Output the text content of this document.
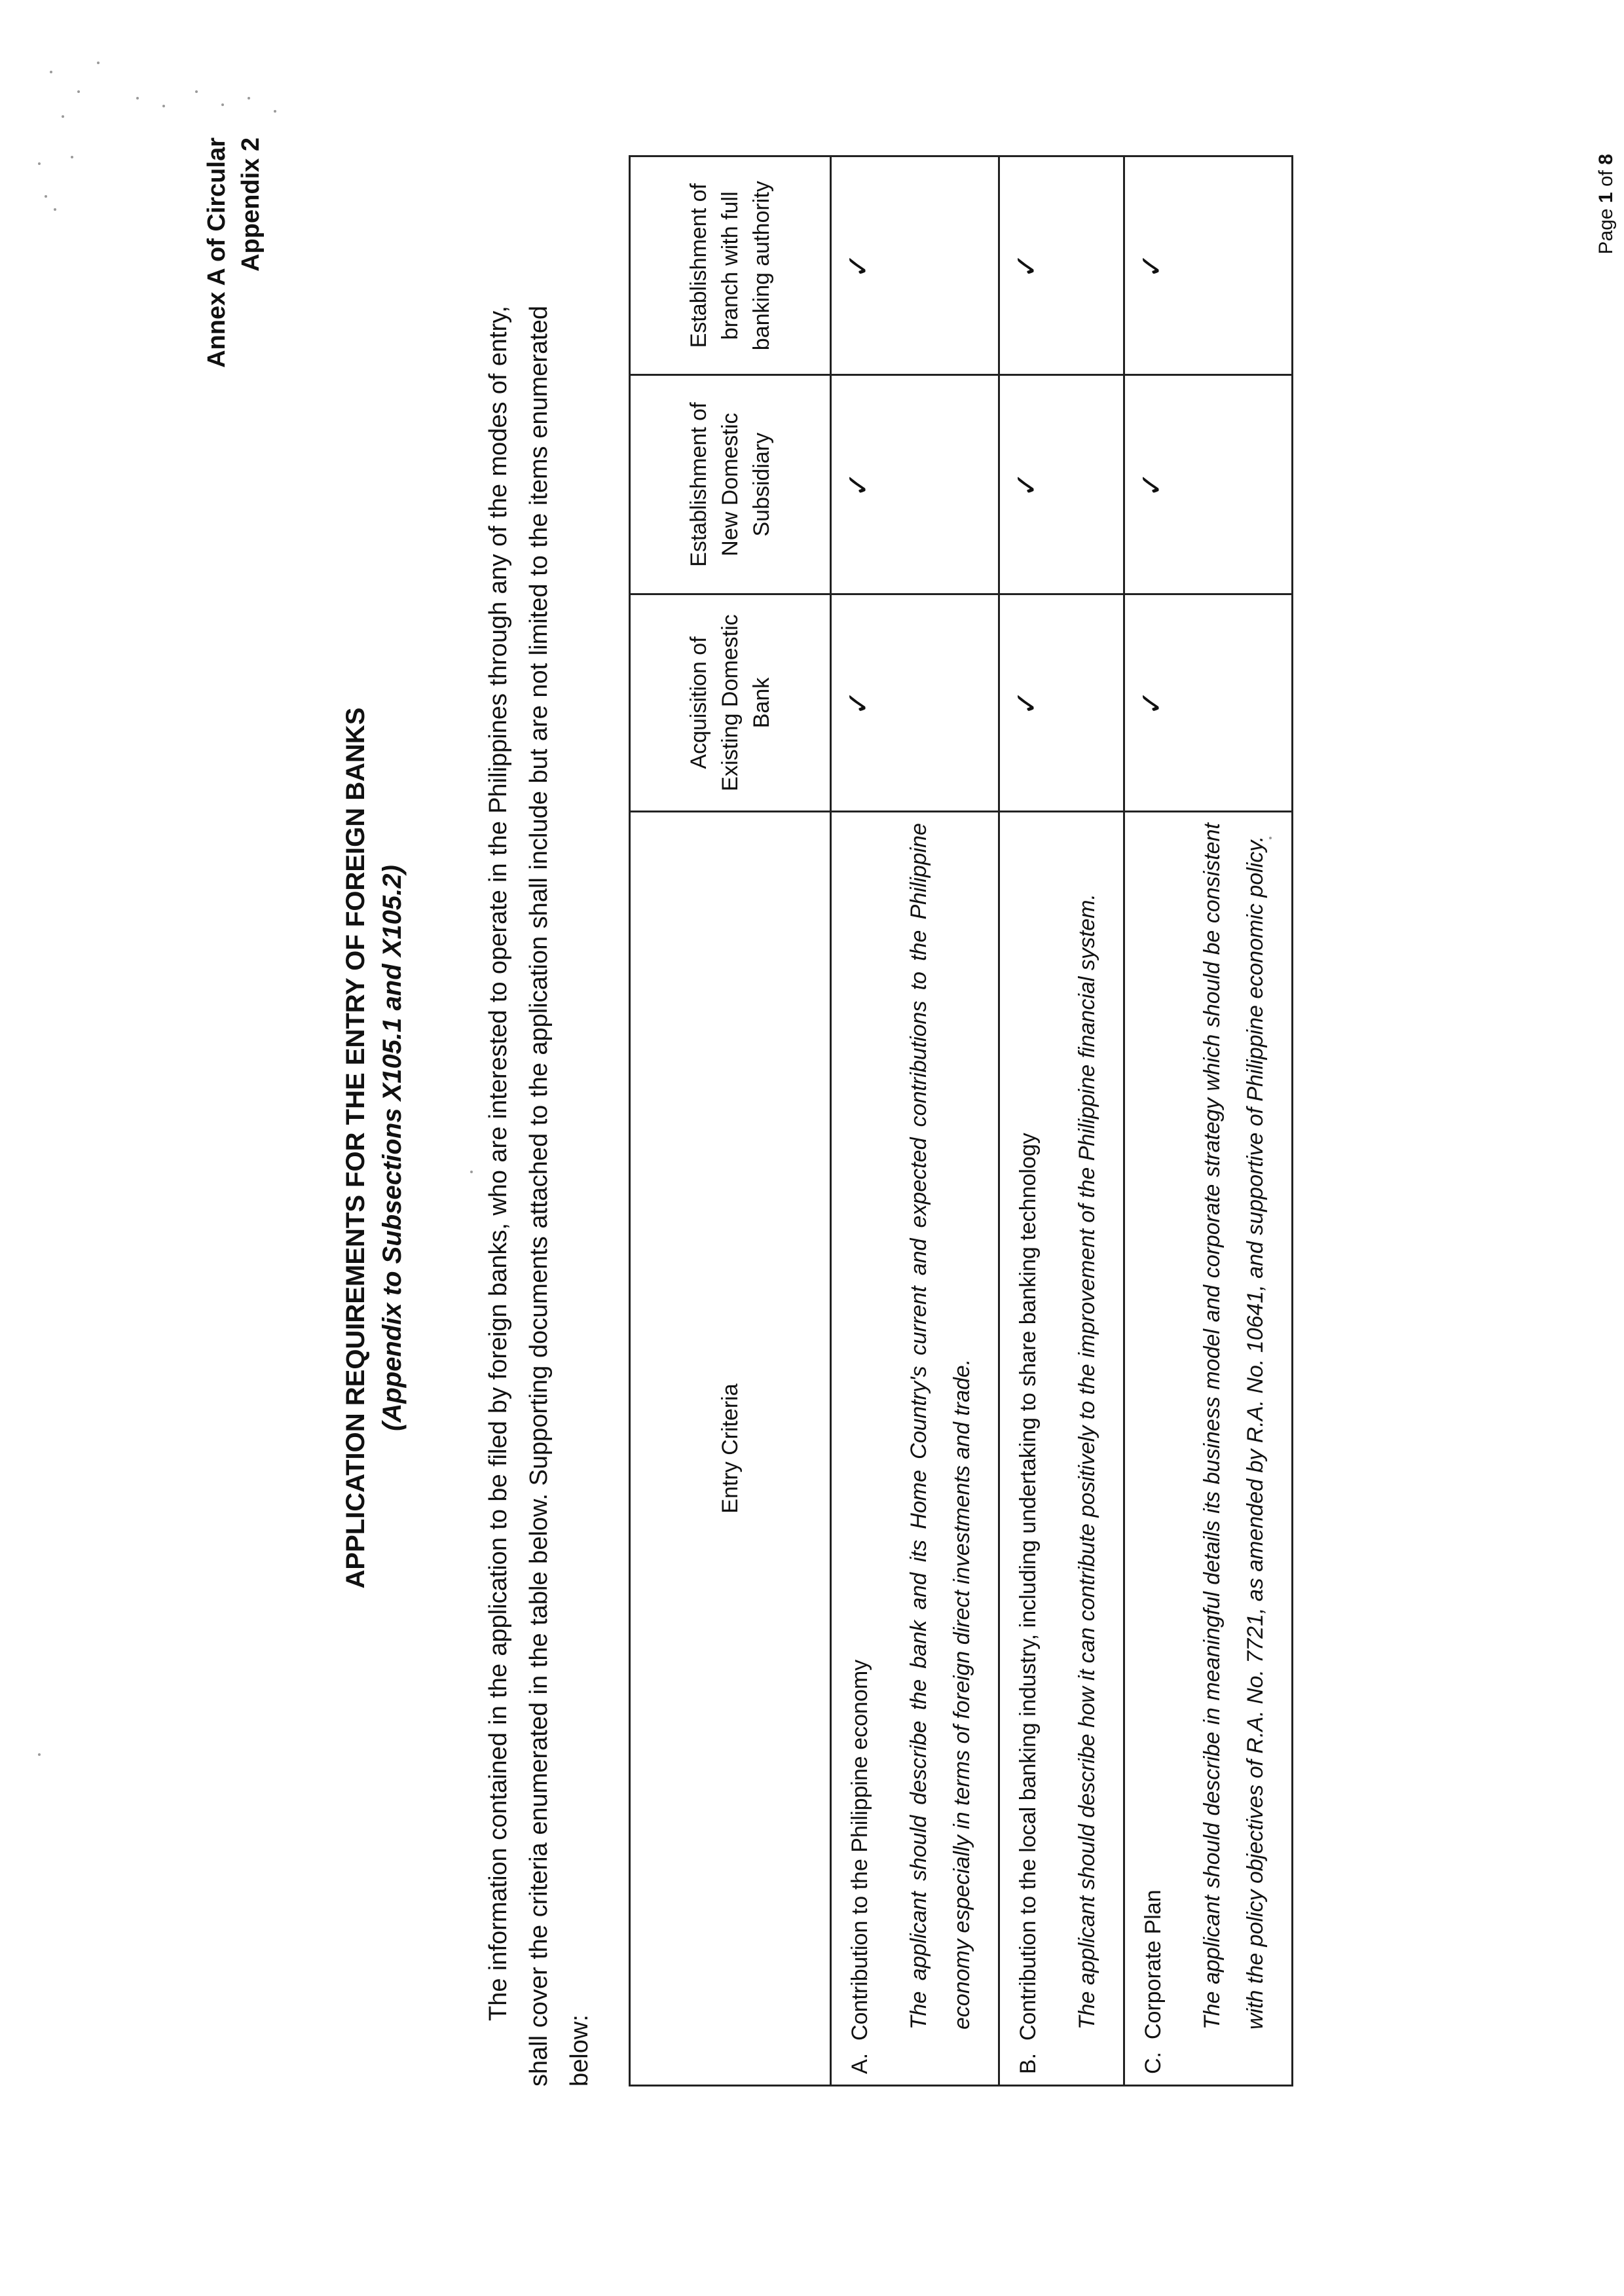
Annex A of Circular Appendix 2
APPLICATION REQUIREMENTS FOR THE ENTRY OF FOREIGN BANKS (Appendix to Subsections X105.1 and X105.2)	The information contained in the application to be filed by foreign banks, who are interested to operate in the Philippines through any of the modes of entry, shall cover the criteria enumerated in the table below. Supporting documents attached to the application shall include but are not limited to the items enumerated below:
Entry Criteria	Acquisition of Existing Domestic Bank	Establishment of New Domestic Subsidiary	Establishment of branch with full banking authority

A.  Contribution to the Philippine economy The applicant should describe the bank and its Home Country's current and expected contributions to the Philippine economy especially in terms of foreign direct investments and trade.	✓	✓	✓

B.  Contribution to the local banking industry, including undertaking to share banking technology The applicant should describe how it can contribute positively to the improvement of the Philippine financial system.	✓	✓	✓

C.  Corporate Plan The applicant should describe in meaningful details its business model and corporate strategy which should be consistent with the policy objectives of R.A. No. 7721, as amended by R.A. No. 10641, and supportive of Philippine economic policy.	✓	✓	✓
Page 1 of 8
